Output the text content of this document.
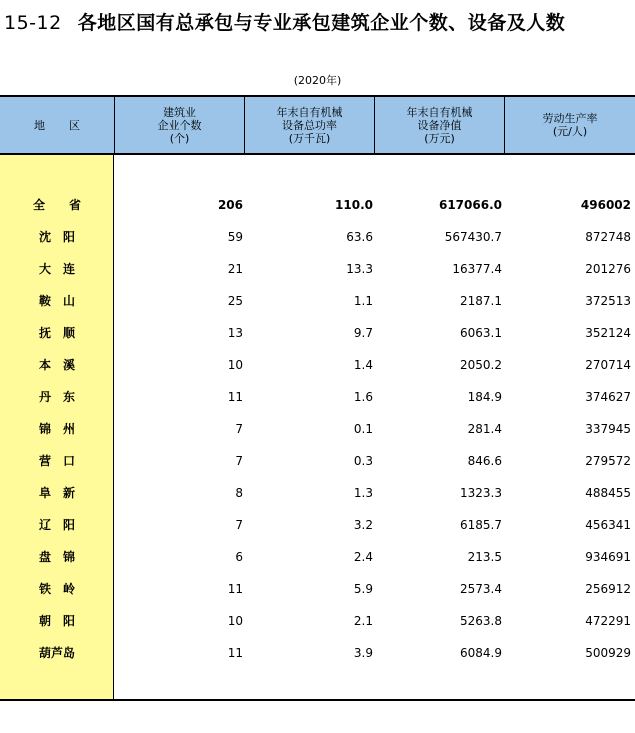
15-12 各地区国有总承包与专业承包建筑企业个数、设备及人数
(2020年)
地 区
建筑业
企业个数
(个)
年末自有机械
设备总功率
(万千瓦)
年末自有机械
设备净值
(万元)
劳动生产率
(元/人)
全　　省	206	110.0	617066.0	496002
沈　阳	59	63.6	567430.7	872748
大　连	21	13.3	16377.4	201276
鞍　山	25	1.1	2187.1	372513
抚　顺	13	9.7	6063.1	352124
本　溪	10	1.4	2050.2	270714
丹　东	11	1.6	184.9	374627
锦　州	7	0.1	281.4	337945
营　口	7	0.3	846.6	279572
阜　新	8	1.3	1323.3	488455
辽　阳	7	3.2	6185.7	456341
盘　锦	6	2.4	213.5	934691
铁　岭	11	5.9	2573.4	256912
朝　阳	10	2.1	5263.8	472291
葫芦岛	11	3.9	6084.9	500929
